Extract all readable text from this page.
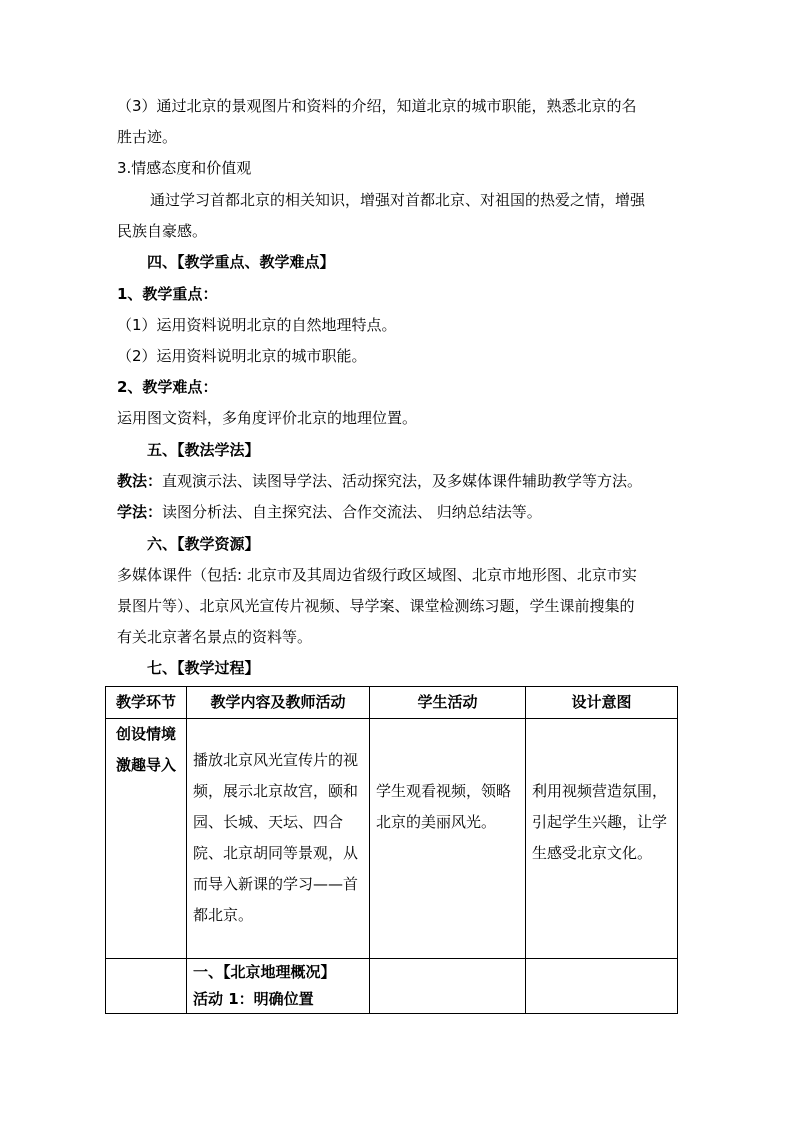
（3）通过北京的景观图片和资料的介绍，知道北京的城市职能，熟悉北京的名
胜古迹。
3.情感态度和价值观
通过学习首都北京的相关知识，增强对首都北京、对祖国的热爱之情，增强
民族自豪感。
四、【教学重点、教学难点】
1、教学重点：
（1）运用资料说明北京的自然地理特点。
（2）运用资料说明北京的城市职能。
2、教学难点：
运用图文资料，多角度评价北京的地理位置。
五、【教法学法】
教法：直观演示法、读图导学法、活动探究法，及多媒体课件辅助教学等方法。
学法：读图分析法、自主探究法、合作交流法、 归纳总结法等。
六、【教学资源】
多媒体课件（包括: 北京市及其周边省级行政区域图、北京市地形图、北京市实
景图片等）、北京风光宣传片视频、导学案、课堂检测练习题，学生课前搜集的
有关北京著名景点的资料等。
七、【教学过程】
教学环节	教学内容及教师活动	学生活动	设计意图

创设情境
激趣导入	播放北京风光宣传片的视频，展示北京故宫，颐和园、长城、天坛、四合院、北京胡同等景观，从而导入新课的学习——首都北京。	学生观看视频，领略北京的美丽风光。	利用视频营造氛围，引起学生兴趣，让学生感受北京文化。

	一、【北京地理概况】
活动 1：明确位置		
